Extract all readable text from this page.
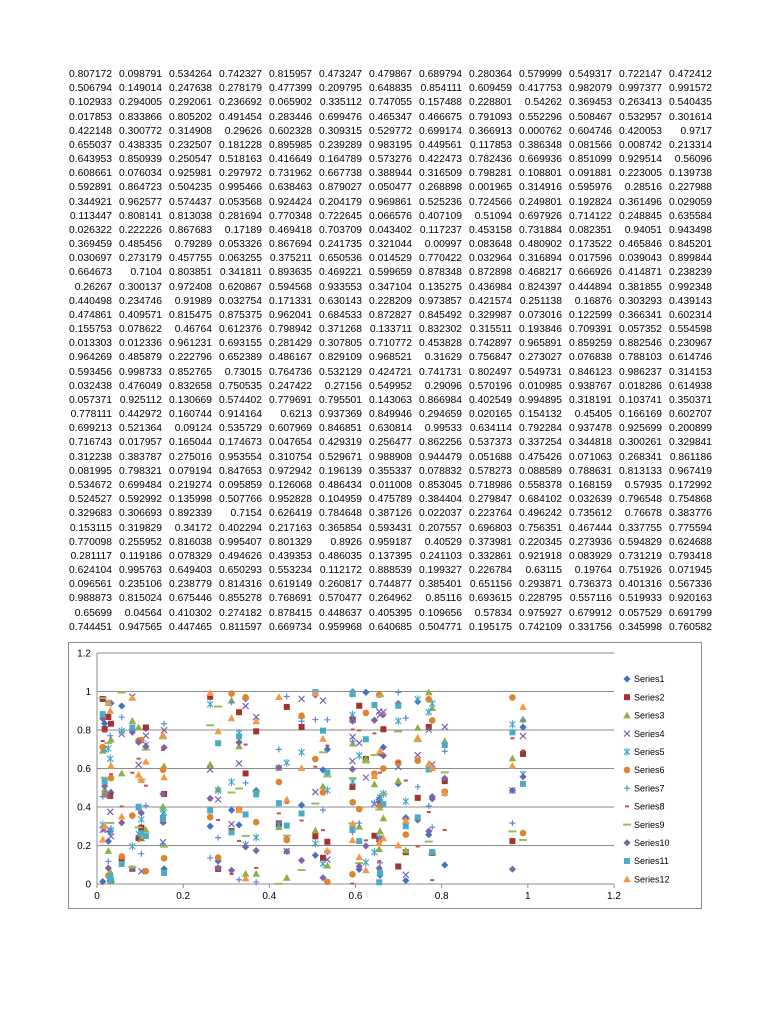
0.807172	0.098791	0.534264	0.742327	0.815957	0.473247	0.479867	0.689794	0.280364	0.579999	0.549317	0.722147	0.472412
0.506794	0.149014	0.247638	0.278179	0.477399	0.209795	0.648835	0.854111	0.609459	0.417753	0.982079	0.997377	0.991572
0.102933	0.294005	0.292061	0.236692	0.065902	0.335112	0.747055	0.157488	0.228801	0.54262	0.369453	0.263413	0.540435
0.017853	0.833866	0.805202	0.491454	0.283446	0.699476	0.465347	0.466675	0.791093	0.552296	0.508467	0.532957	0.301614
0.422148	0.300772	0.314908	0.29626	0.602328	0.309315	0.529772	0.699174	0.366913	0.000762	0.604746	0.420053	0.9717
0.655037	0.438335	0.232507	0.181228	0.895985	0.239289	0.983195	0.449561	0.117853	0.386348	0.081566	0.008742	0.213314
0.643953	0.850939	0.250547	0.518163	0.416649	0.164789	0.573276	0.422473	0.782436	0.669936	0.851099	0.929514	0.56096
0.608661	0.076034	0.925981	0.297972	0.731962	0.667738	0.388944	0.316509	0.798281	0.108801	0.091881	0.223005	0.139738
0.592891	0.864723	0.504235	0.995466	0.638463	0.879027	0.050477	0.268898	0.001965	0.314916	0.595976	0.28516	0.227988
0.344921	0.962577	0.574437	0.053568	0.924424	0.204179	0.969861	0.525236	0.724566	0.249801	0.192824	0.361496	0.029059
0.113447	0.808141	0.813038	0.281694	0.770348	0.722645	0.066576	0.407109	0.51094	0.697926	0.714122	0.248845	0.635584
0.026322	0.222226	0.867683	0.17189	0.469418	0.703709	0.043402	0.117237	0.453158	0.731884	0.082351	0.94051	0.943498
0.369459	0.485456	0.79289	0.053326	0.867694	0.241735	0.321044	0.00997	0.083648	0.480902	0.173522	0.465846	0.845201
0.030697	0.273179	0.457755	0.063255	0.375211	0.650536	0.014529	0.770422	0.032964	0.316894	0.017596	0.039043	0.899844
0.664673	0.7104	0.803851	0.341811	0.893635	0.469221	0.599659	0.878348	0.872898	0.468217	0.666926	0.414871	0.238239
0.26267	0.300137	0.972408	0.620867	0.594568	0.933553	0.347104	0.135275	0.436984	0.824397	0.444894	0.381855	0.992348
0.440498	0.234746	0.91989	0.032754	0.171331	0.630143	0.228209	0.973857	0.421574	0.251138	0.16876	0.303293	0.439143
0.474861	0.409571	0.815475	0.875375	0.962041	0.684533	0.872827	0.845492	0.329987	0.073016	0.122599	0.366341	0.602314
0.155753	0.078622	0.46764	0.612376	0.798942	0.371268	0.133711	0.832302	0.315511	0.193846	0.709391	0.057352	0.554598
0.013303	0.012336	0.961231	0.693155	0.281429	0.307805	0.710772	0.453828	0.742897	0.965891	0.859259	0.882546	0.230967
0.964269	0.485879	0.222796	0.652389	0.486167	0.829109	0.968521	0.31629	0.756847	0.273027	0.076838	0.788103	0.614746
0.593456	0.998733	0.852765	0.73015	0.764736	0.532129	0.424721	0.741731	0.802497	0.549731	0.846123	0.986237	0.314153
0.032438	0.476049	0.832658	0.750535	0.247422	0.27156	0.549952	0.29096	0.570196	0.010985	0.938767	0.018286	0.614938
0.057371	0.925112	0.130669	0.574402	0.779691	0.795501	0.143063	0.866984	0.402549	0.994895	0.318191	0.103741	0.350371
0.778111	0.442972	0.160744	0.914164	0.6213	0.937369	0.849946	0.294659	0.020165	0.154132	0.45405	0.166169	0.602707
0.699213	0.521364	0.09124	0.535729	0.607969	0.846851	0.630814	0.99533	0.634114	0.792284	0.937478	0.925699	0.200899
0.716743	0.017957	0.165044	0.174673	0.047654	0.429319	0.256477	0.862256	0.537373	0.337254	0.344818	0.300261	0.329841
0.312238	0.383787	0.275016	0.953554	0.310754	0.529671	0.988908	0.944479	0.051688	0.475426	0.071063	0.268341	0.861186
0.081995	0.798321	0.079194	0.847653	0.972942	0.196139	0.355337	0.078832	0.578273	0.088589	0.788631	0.813133	0.967419
0.534672	0.699484	0.219274	0.095859	0.126068	0.486434	0.011008	0.853045	0.718986	0.558378	0.168159	0.57935	0.172992
0.524527	0.592992	0.135998	0.507766	0.952828	0.104959	0.475789	0.384404	0.279847	0.684102	0.032639	0.796548	0.754868
0.329683	0.306693	0.892339	0.7154	0.626419	0.784648	0.387126	0.022037	0.223764	0.496242	0.735612	0.76678	0.383776
0.153115	0.319829	0.34172	0.402294	0.217163	0.365854	0.593431	0.207557	0.696803	0.756351	0.467444	0.337755	0.775594
0.770098	0.255952	0.816038	0.995407	0.801329	0.8926	0.959187	0.40529	0.373981	0.220345	0.273936	0.594829	0.624688
0.281117	0.119186	0.078329	0.494626	0.439353	0.486035	0.137395	0.241103	0.332861	0.921918	0.083929	0.731219	0.793418
0.624104	0.995763	0.649403	0.650293	0.553234	0.112172	0.888539	0.199327	0.226784	0.63115	0.19764	0.751926	0.071945
0.096561	0.235106	0.238779	0.814316	0.619149	0.260817	0.744877	0.385401	0.651156	0.293871	0.736373	0.401316	0.567336
0.988873	0.815024	0.675446	0.855278	0.768691	0.570477	0.264962	0.85116	0.693615	0.228795	0.557116	0.519933	0.920163
0.65699	0.04564	0.410302	0.274182	0.878415	0.448637	0.405395	0.109656	0.57834	0.975927	0.679912	0.057529	0.691799
0.744451	0.947565	0.447465	0.811597	0.669734	0.959968	0.640685	0.504771	0.195175	0.742109	0.331756	0.345998	0.760582
0
0.2
0.4
0.6
0.8
1
1.2
0	0.2	0.4	0.6	0.8	1	1.2
Series1
Series2
Series3
Series4
Series5
Series6
Series7
Series8
Series9
Series10
Series11
Series12
